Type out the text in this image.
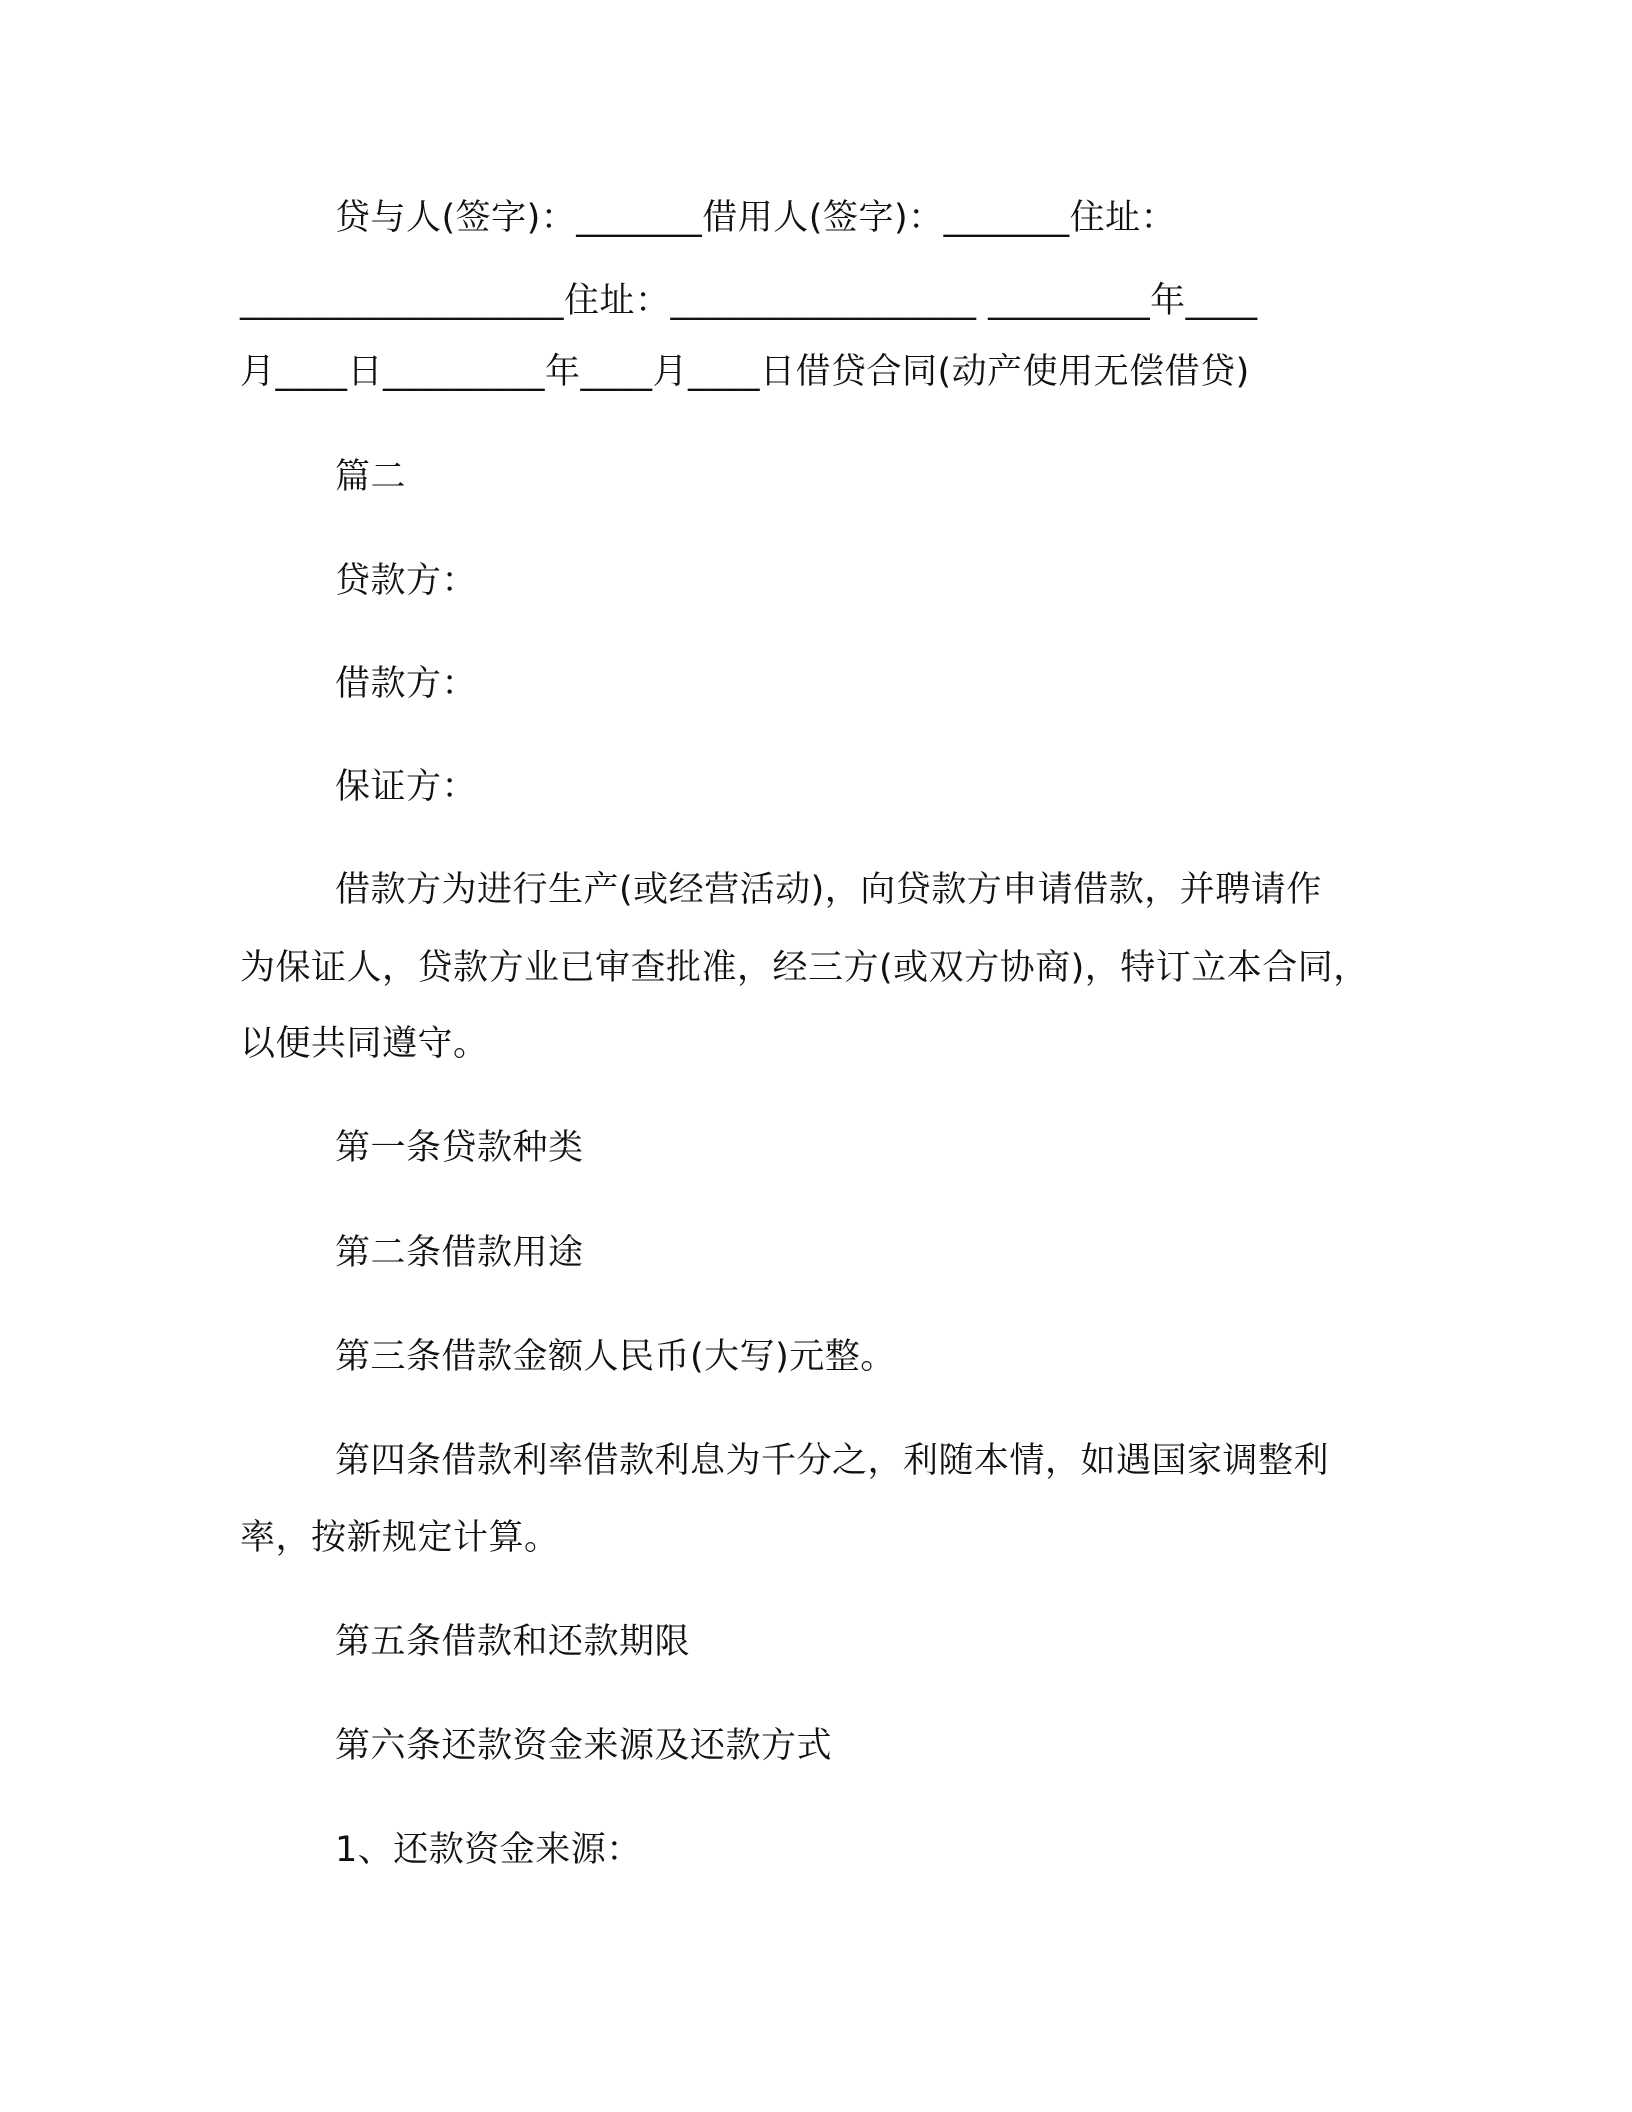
贷与人(签字)：_______借用人(签字)：_______住址：
__________________住址：_________________ _________年____
月____日_________年____月____日借贷合同(动产使用无偿借贷)
篇二
贷款方：
借款方：
保证方：
借款方为进行生产(或经营活动)，向贷款方申请借款，并聘请作
为保证人，贷款方业已审查批准，经三方(或双方协商)，特订立本合同，
以便共同遵守。
第一条贷款种类
第二条借款用途
第三条借款金额人民币(大写)元整。
第四条借款利率借款利息为千分之，利随本情，如遇国家调整利
率，按新规定计算。
第五条借款和还款期限
第六条还款资金来源及还款方式
1、还款资金来源：
